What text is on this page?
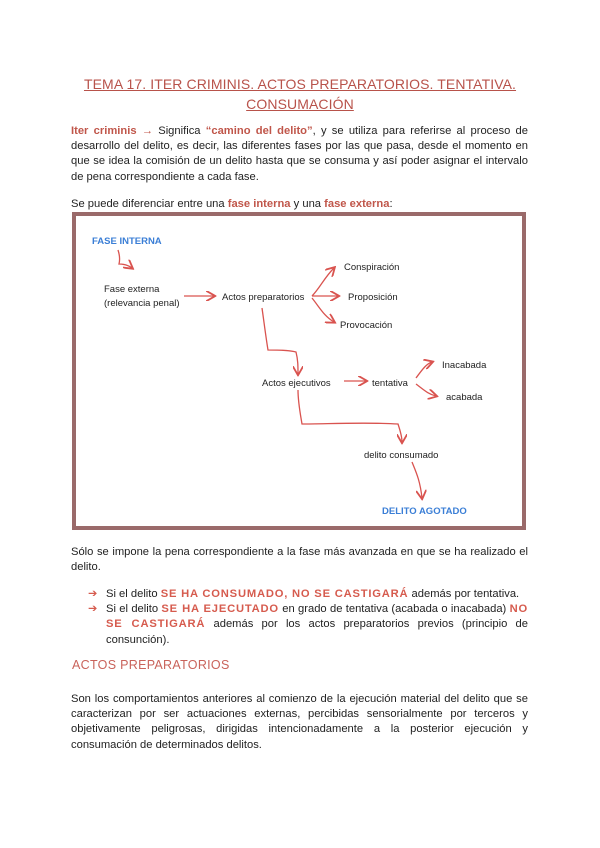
TEMA 17. ITER CRIMINIS. ACTOS PREPARATORIOS. TENTATIVA.
CONSUMACIÓN
Iter criminis → Significa “camino del delito”, y se utiliza para referirse al proceso de desarrollo del delito, es decir, las diferentes fases por las que pasa, desde el momento en que se idea la comisión de un delito hasta que se consuma y así poder asignar el intervalo de pena correspondiente a cada fase.
Se puede diferenciar entre una fase interna y una fase externa:
FASE INTERNA
Fase externa
(relevancia penal)
Actos preparatorios
Conspiración
Proposición
Provocación
Actos ejecutivos	tentativa
Inacabada
acabada
delito consumado
DELITO AGOTADO
Sólo se impone la pena correspondiente a la fase más avanzada en que se ha realizado el delito.
➔ Si el delito SE HA CONSUMADO, NO SE CASTIGARÁ además por tentativa.
➔ Si el delito SE HA EJECUTADO en grado de tentativa (acabada o inacabada) NO SE CASTIGARÁ además por los actos preparatorios previos (principio de consunción).
ACTOS PREPARATORIOS
Son los comportamientos anteriores al comienzo de la ejecución material del delito que se caracterizan por ser actuaciones externas, percibidas sensorialmente por terceros y objetivamente peligrosas, dirigidas intencionadamente a la posterior ejecución y consumación de determinados delitos.
